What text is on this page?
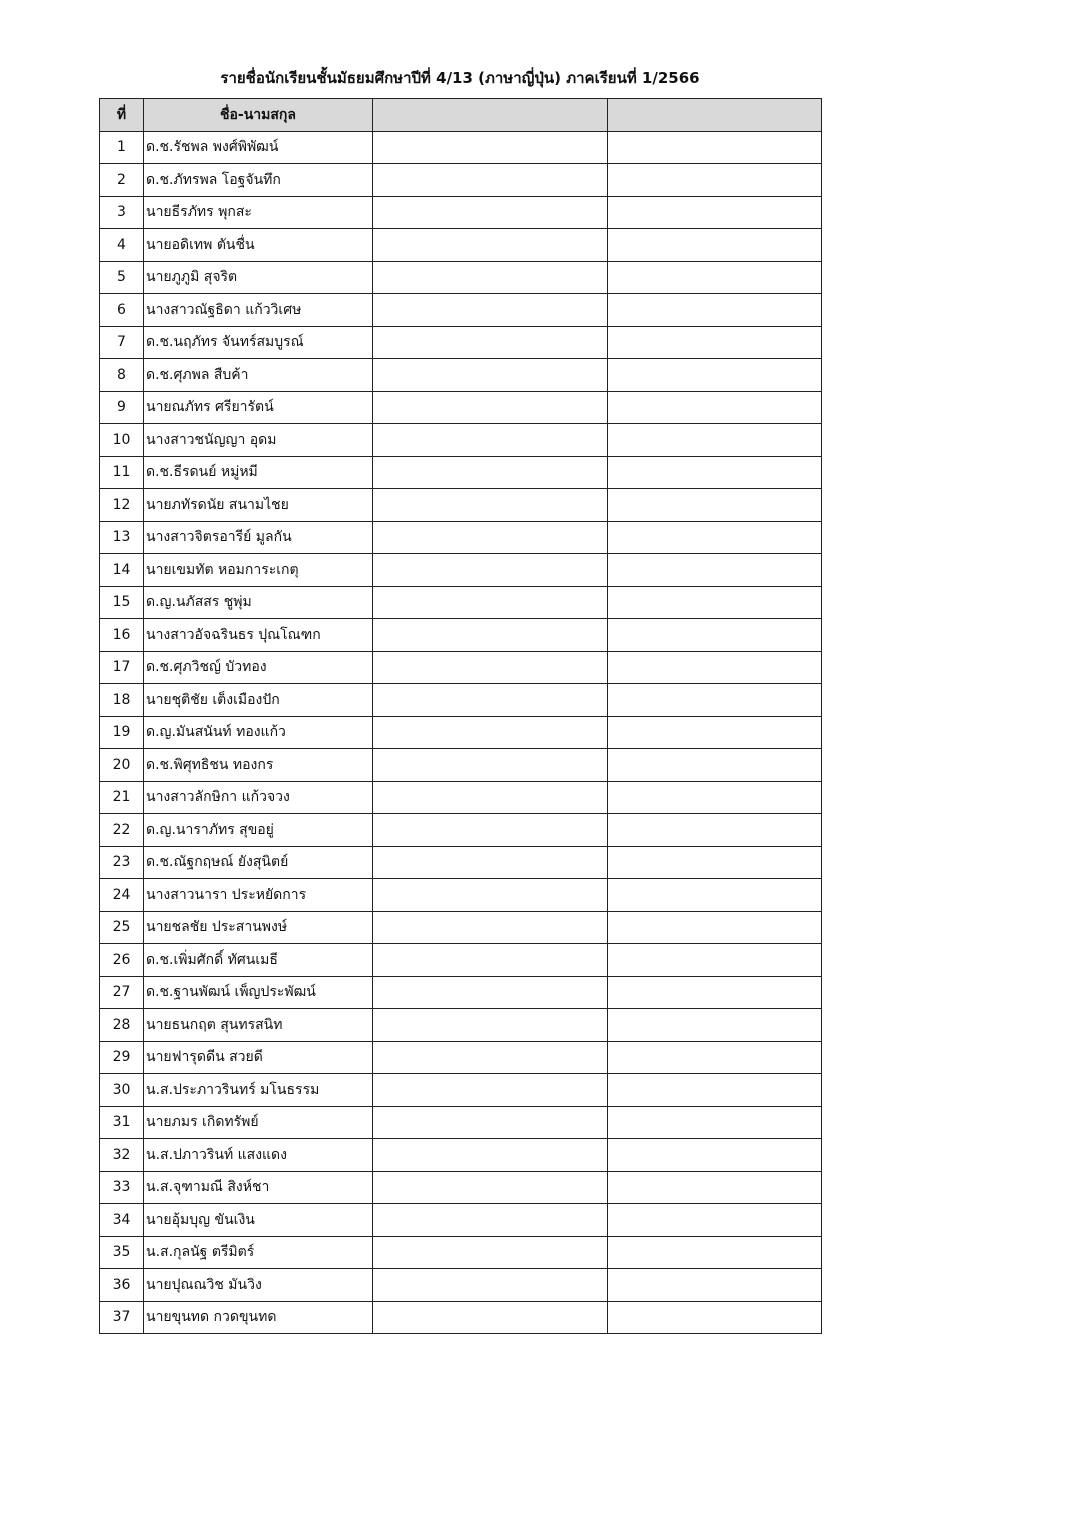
รายชื่อนักเรียนชั้นมัธยมศึกษาปีที่ 4/13 (ภาษาญี่ปุ่น) ภาคเรียนที่ 1/2566
ที่	ชื่อ-นามสกุล		
1	ด.ช.รัชพล พงศ์พิพัฒน์		
2	ด.ช.ภัทรพล โอฐจันทึก		
3	นายธีรภัทร พุกสะ		
4	นายอดิเทพ ตันชื่น		
5	นายภูภูมิ สุจริต		
6	นางสาวณัฐธิดา แก้ววิเศษ		
7	ด.ช.นฤภัทร จันทร์สมบูรณ์		
8	ด.ช.ศุภพล สืบค้า		
9	นายณภัทร ศรียารัตน์		
10	นางสาวชนัญญา อุดม		
11	ด.ช.ธีรดนย์ หมู่หมี		
12	นายภทัรดนัย สนามไชย		
13	นางสาวจิตรอารีย์ มูลกัน		
14	นายเขมทัต หอมการะเกตุ		
15	ด.ญ.นภัสสร ชูพุ่ม		
16	นางสาวอัจฉรินธร ปุณโณฑก		
17	ด.ช.ศุภวิชญ์ บัวทอง		
18	นายชุติชัย เต็งเมืองปัก		
19	ด.ญ.มันสนันท์ ทองแก้ว		
20	ด.ช.พิศุทธิชน ทองกร		
21	นางสาวลักษิกา แก้วจวง		
22	ด.ญ.นาราภัทร สุขอยู่		
23	ด.ช.ณัฐกฤษณ์ ยังสุนิตย์		
24	นางสาวนารา ประหยัดการ		
25	นายชลชัย ประสานพงษ์		
26	ด.ช.เพิ่มศักดิ์ ทัศนเมธี		
27	ด.ช.ฐานพัฒน์ เพ็ญประพัฒน์		
28	นายธนกฤต สุนทรสนิท		
29	นายฟารุดดีน สวยดี		
30	น.ส.ประภาวรินทร์ มโนธรรม		
31	นายภมร เกิดทรัพย์		
32	น.ส.ปภาวรินท์ แสงแดง		
33	น.ส.จุฑามณี สิงห์ชา		
34	นายอุ้มบุญ ขันเงิน		
35	น.ส.กุลนัฐ ตรีมิตร์		
36	นายปุณณวิช มันวิง		
37	นายขุนทด กวดขุนทด		
